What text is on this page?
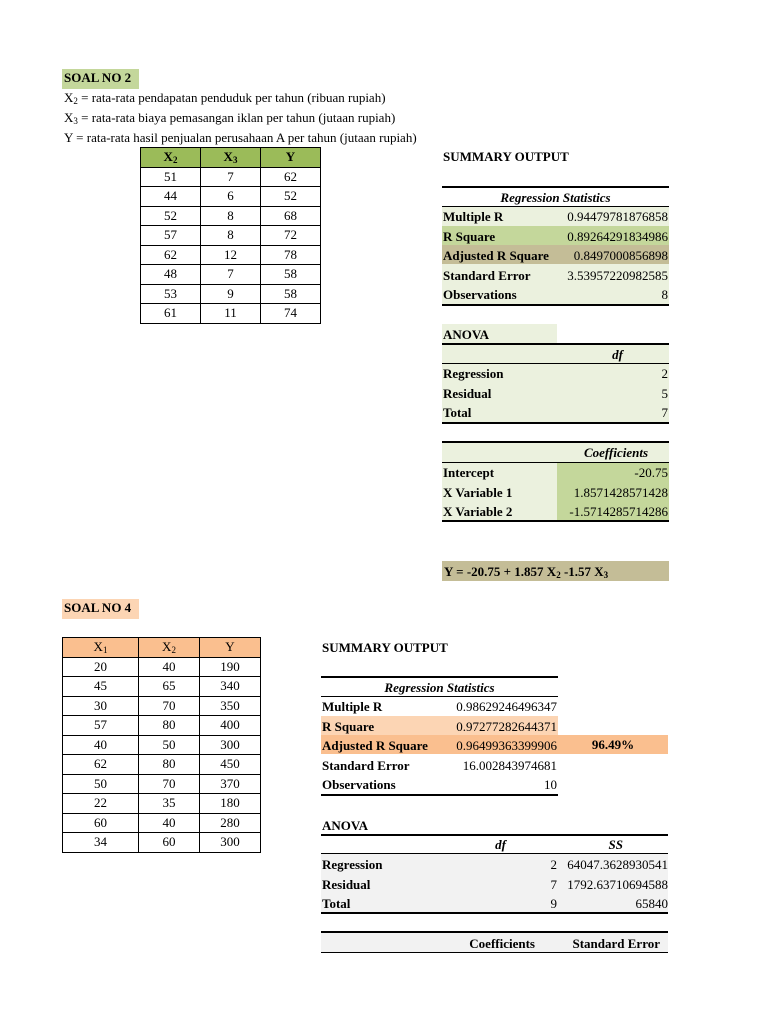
SOAL NO 2
$X_2$ = rata-rata pendapatan penduduk per tahun (ribuan rupiah)
$X_3$ = rata-rata biaya pemasangan iklan per tahun (jutaan rupiah)
Y = rata-rata hasil penjualan perusahaan A per tahun (jutaan rupiah)
$X_2$	$X_3$	Y
51	7	62
44	6	52
52	8	68
57	8	72
62	12	78
48	7	58
53	9	58
61	11	74
SUMMARY OUTPUT
Regression Statistics
Multiple R	0.94479781876858
R Square	0.89264291834986
Adjusted R Square	0.8497000856898
Standard Error	3.53957220982585
Observations	8
ANOVA
df
Regression	2
Residual	5
Total	7
Coefficients
Intercept	-20.75
X Variable 1	1.8571428571428
X Variable 2	-1.5714285714286
Y = -20.75 + 1.857 $X_2$ -1.57 $X_3$
SOAL NO 4
$X_1$	$X_2$	Y
20	40	190
45	65	340
30	70	350
57	80	400
40	50	300
62	80	450
50	70	370
22	35	180
60	40	280
34	60	300
SUMMARY OUTPUT
Regression Statistics
Multiple R	0.98629246496347
R Square	0.97277282644371
Adjusted R Square	0.96499363399906
Standard Error	16.002843974681
Observations	10
96.49%
ANOVA
df	SS
Regression	2 64047.3628930541
Residual	7 1792.63710694588
Total	9	65840
Coefficients	Standard Error
